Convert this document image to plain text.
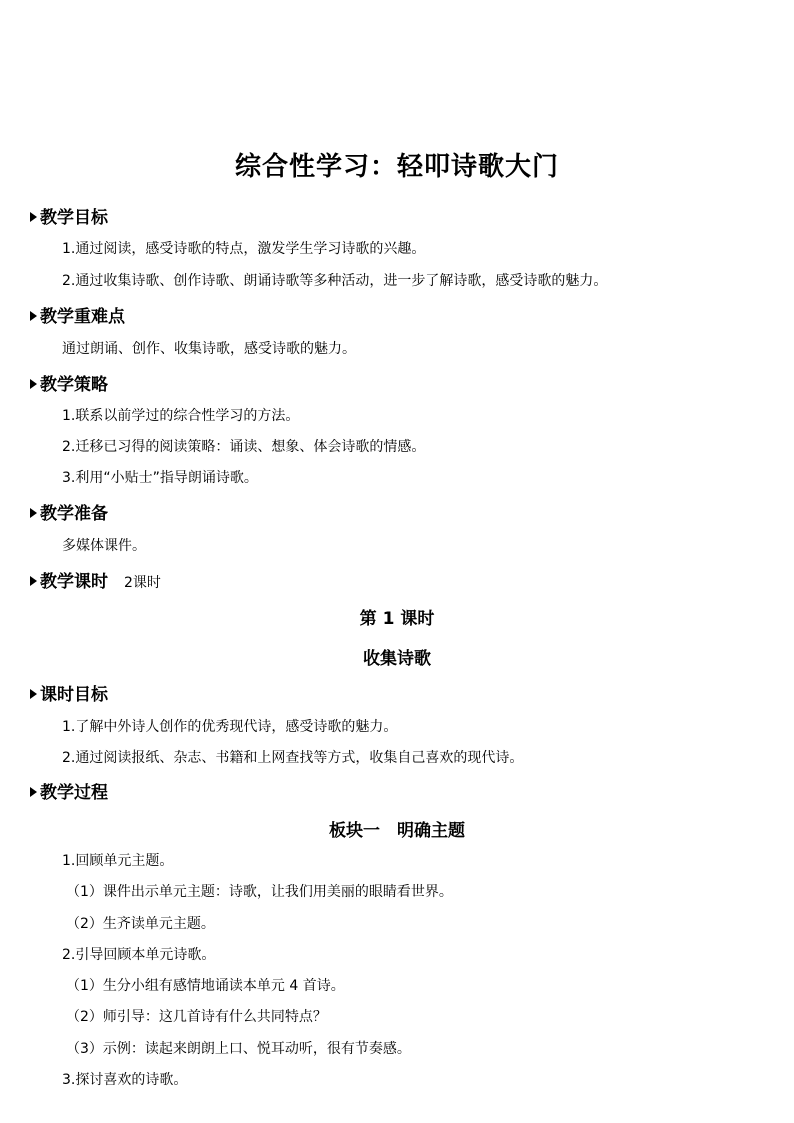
综合性学习：轻叩诗歌大门
教学目标
1.通过阅读，感受诗歌的特点，激发学生学习诗歌的兴趣。
2.通过收集诗歌、创作诗歌、朗诵诗歌等多种活动，进一步了解诗歌，感受诗歌的魅力。
教学重难点
通过朗诵、创作、收集诗歌，感受诗歌的魅力。
教学策略
1.联系以前学过的综合性学习的方法。
2.迁移已习得的阅读策略：诵读、想象、体会诗歌的情感。
3.利用“小贴士”指导朗诵诗歌。
教学准备
多媒体课件。
教学课时 2课时
第 1 课时
收集诗歌
课时目标
1.了解中外诗人创作的优秀现代诗，感受诗歌的魅力。
2.通过阅读报纸、杂志、书籍和上网查找等方式，收集自己喜欢的现代诗。
教学过程
板块一　明确主题
1.回顾单元主题。
（1）课件出示单元主题：诗歌，让我们用美丽的眼睛看世界。
（2）生齐读单元主题。
2.引导回顾本单元诗歌。
（1）生分小组有感情地诵读本单元 4 首诗。
（2）师引导：这几首诗有什么共同特点？
（3）示例：读起来朗朗上口、悦耳动听，很有节奏感。
3.探讨喜欢的诗歌。
